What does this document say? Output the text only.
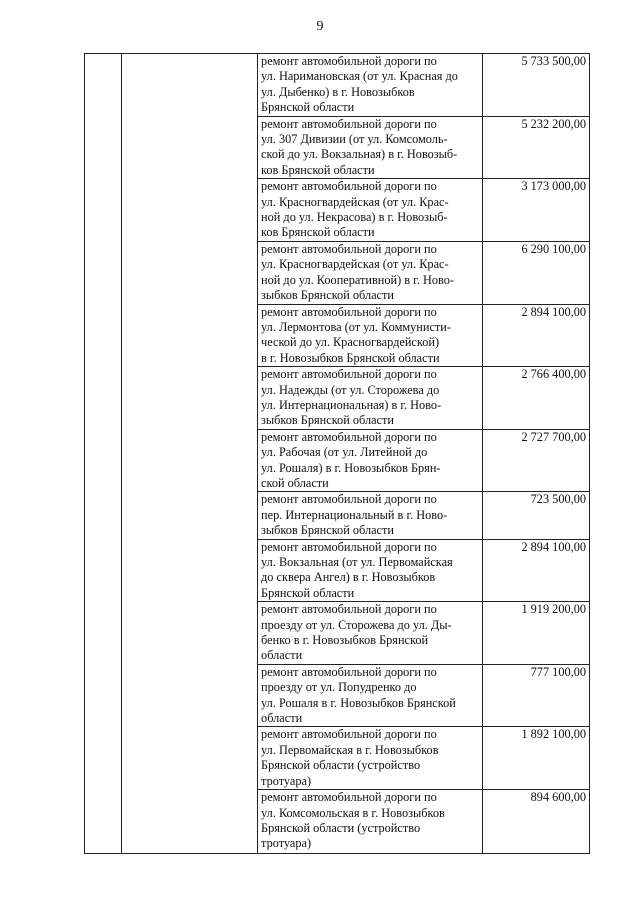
9

		ремонт автомобильной дороги по
ул. Наримановская (от ул. Красная до
ул. Дыбенко) в г. Новозыбков
Брянской области	5 733 500,00

		ремонт автомобильной дороги по
ул. 307 Дивизии (от ул. Комсомоль-
ской до ул. Вокзальная) в г. Новозыб-
ков Брянской области	5 232 200,00

		ремонт автомобильной дороги по
ул. Красногвардейская (от ул. Крас-
ной до ул. Некрасова) в г. Новозыб-
ков Брянской области	3 173 000,00

		ремонт автомобильной дороги по
ул. Красногвардейская (от ул. Крас-
ной до ул. Кооперативной) в г. Ново-
зыбков Брянской области	6 290 100,00

		ремонт автомобильной дороги по
ул. Лермонтова (от ул. Коммунисти-
ческой до ул. Красногвардейской)
в г. Новозыбков Брянской области	2 894 100,00

		ремонт автомобильной дороги по
ул. Надежды (от ул. Сторожева до
ул. Интернациональная) в г. Ново-
зыбков Брянской области	2 766 400,00

		ремонт автомобильной дороги по
ул. Рабочая (от ул. Литейной до
ул. Рошаля) в г. Новозыбков Брян-
ской области	2 727 700,00

		ремонт автомобильной дороги по
пер. Интернациональный в г. Ново-
зыбков Брянской области	723 500,00

		ремонт автомобильной дороги по
ул. Вокзальная (от ул. Первомайская
до сквера Ангел) в г. Новозыбков
Брянской области	2 894 100,00

		ремонт автомобильной дороги по
проезду от ул. Сторожева до ул. Ды-
бенко в г. Новозыбков Брянской
области	1 919 200,00

		ремонт автомобильной дороги по
проезду от ул. Попудренко до
ул. Рошаля в г. Новозыбков Брянской
области	777 100,00

		ремонт автомобильной дороги по
ул. Первомайская в г. Новозыбков
Брянской области (устройство
тротуара)	1 892 100,00

		ремонт автомобильной дороги по
ул. Комсомольская в г. Новозыбков
Брянской области (устройство
тротуара)	894 600,00
